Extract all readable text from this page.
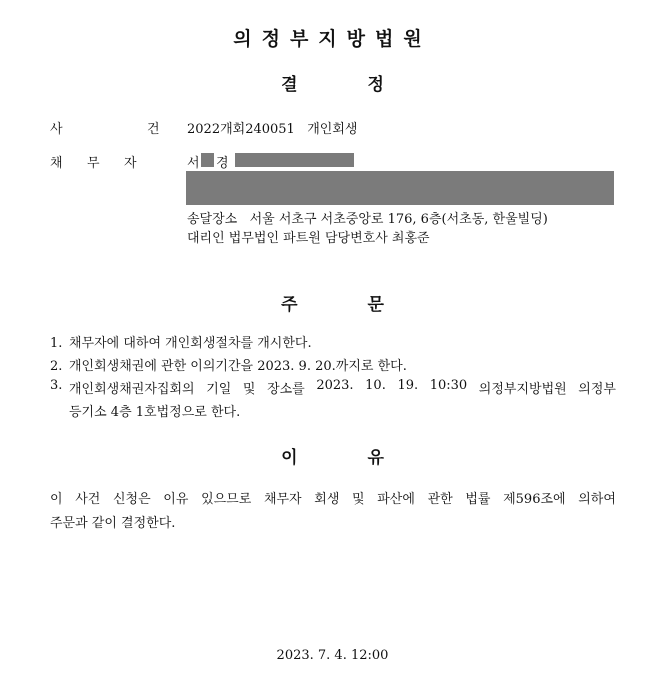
의정부지방법원
결	정
사	건 2022개회240051   개인회생
채 무 자	서 경
송달장소   서울 서초구 서초중앙로 176, 6층(서초동, 한울빌딩)
대리인 법무법인 파트원 담당변호사 최홍준
주	문
1. 채무자에 대하여 개인회생절차를 개시한다.
2. 개인회생채권에 관한 이의기간을 2023. 9. 20.까지로 한다.
3. 개인회생채권자집회의 기일 및 장소를 2023. 10. 19. 10:30 의정부지방법원 의정부
등기소 4층 1호법정으로 한다.
이	유
이 사건 신청은 이유 있으므로 채무자 회생 및 파산에 관한 법률 제596조에 의하여
주문과 같이 결정한다.
2023. 7. 4. 12:00
